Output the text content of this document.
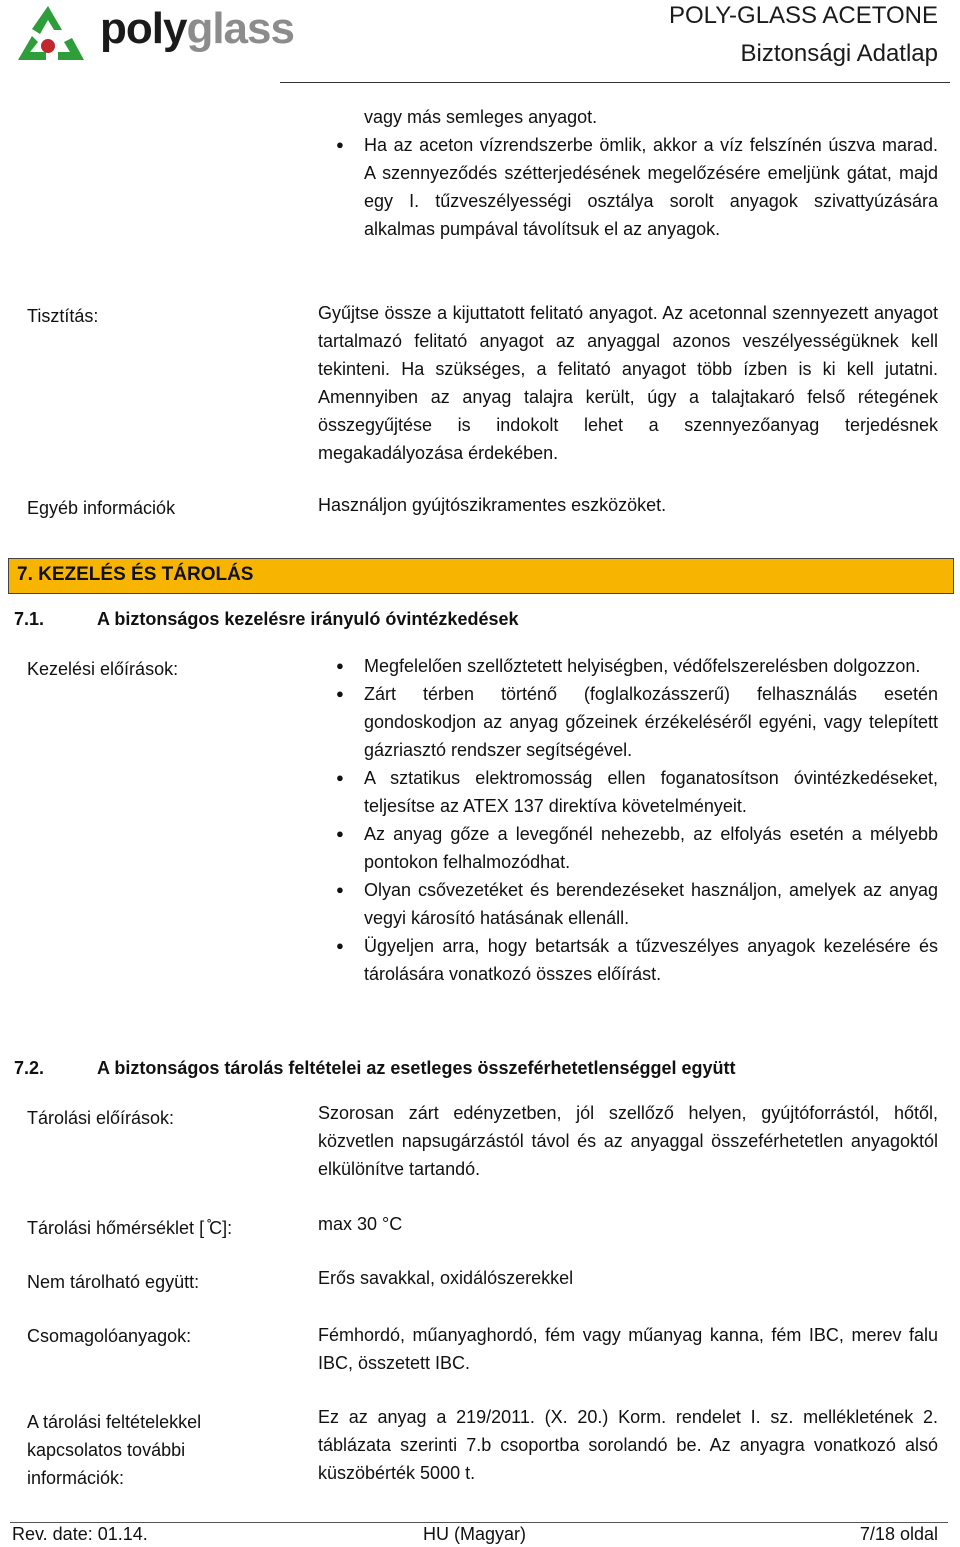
polyglass	POLY-GLASS ACETONE
Biztonsági Adatlap
vagy más semleges anyagot.
● Ha az aceton vízrendszerbe ömlik, akkor a víz felszínén úszva marad. A szennyeződés szétterjedésének megelőzésére emeljünk gátat, majd egy I. tűzveszélyességi osztálya sorolt anyagok szivattyúzására alkalmas pumpával távolítsuk el az anyagok.
Tisztítás:	Gyűjtse össze a kijuttatott felitató anyagot. Az acetonnal szennyezett anyagot tartalmazó felitató anyagot az anyaggal azonos veszélyességüknek kell tekinteni. Ha szükséges, a felitató anyagot több ízben is ki kell jutatni. Amennyiben az anyag talajra került, úgy a talajtakaró felső rétegének összegyűjtése is indokolt lehet a szennyezőanyag terjedésnek megakadályozása érdekében.
Egyéb információk	Használjon gyújtószikramentes eszközöket.
7. KEZELÉS ÉS TÁROLÁS
7.1.	A biztonságos kezelésre irányuló óvintézkedések
Kezelési előírások:
●	Megfelelően szellőztetett helyiségben, védőfelszerelésben dolgozzon.
● Zárt térben történő (foglalkozásszerű) felhasználás esetén gondoskodjon az anyag gőzeinek érzékeléséről egyéni, vagy telepített gázriasztó rendszer segítségével.
● A sztatikus elektromosság ellen foganatosítson óvintézkedéseket, teljesítse az ATEX 137 direktíva követelményeit.
● Az anyag gőze a levegőnél nehezebb, az elfolyás esetén a mélyebb pontokon felhalmozódhat.
● Olyan csővezetéket és berendezéseket használjon, amelyek az anyag vegyi károsító hatásának ellenáll.
● Ügyeljen arra, hogy betartsák a tűzveszélyes anyagok kezelésére és tárolására vonatkozó összes előírást.
7.2.	A biztonságos tárolás feltételei az esetleges összeférhetetlenséggel együtt
Tárolási előírások:	Szorosan zárt edényzetben, jól szellőző helyen, gyújtóforrástól, hőtől, közvetlen napsugárzástól távol és az anyaggal összeférhetetlen anyagoktól elkülönítve tartandó.
Tárolási hőmérséklet [ ̊C]:	max 30 °C
Nem tárolható együtt:	Erős savakkal, oxidálószerekkel
Csomagolóanyagok:	Fémhordó, műanyaghordó, fém vagy műanyag kanna, fém IBC, merev falu IBC, összetett IBC.
A tárolási feltételekkel
kapcsolatos további
információk:
Ez az anyag a 219/2011. (X. 20.) Korm. rendelet I. sz. mellékletének 2. táblázata szerinti 7.b csoportba sorolandó be. Az anyagra vonatkozó alsó küszöbérték 5000 t.
Rev. date: 01.14.	HU (Magyar)	7/18 oldal
